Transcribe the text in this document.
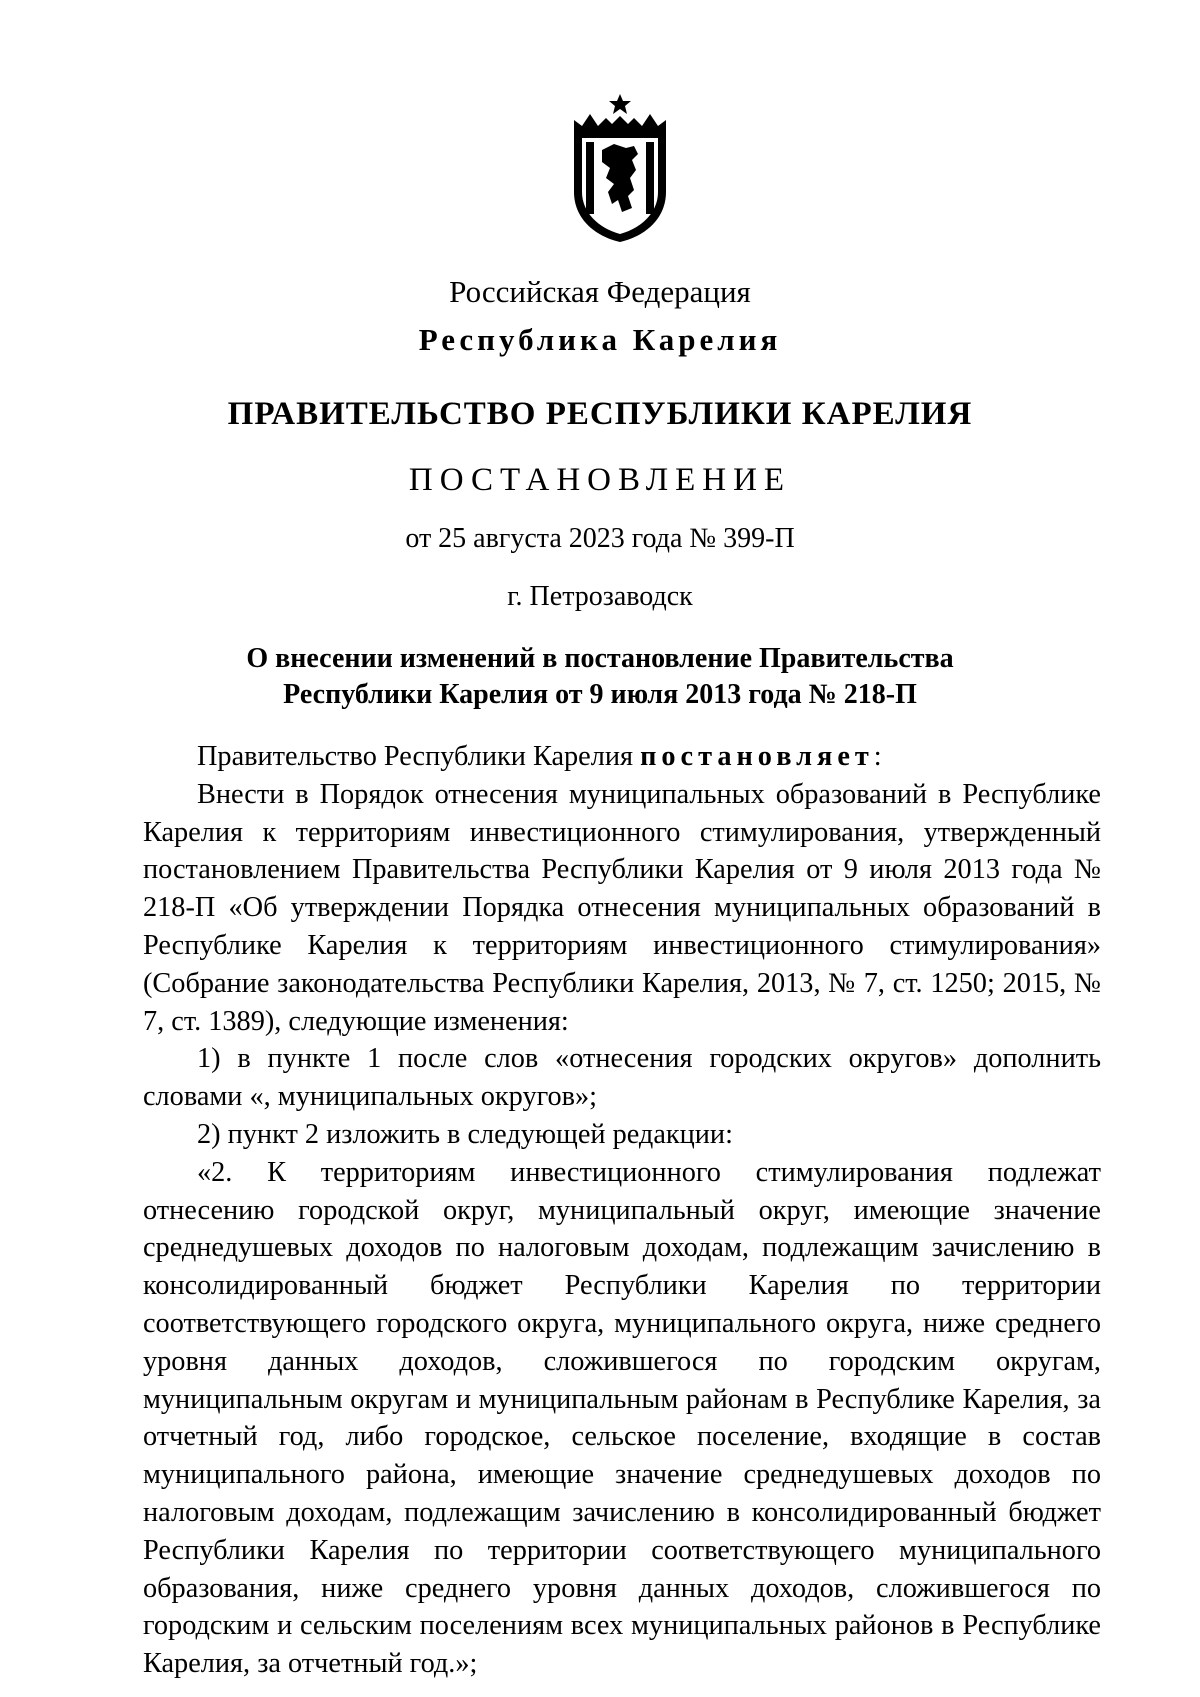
Российская Федерация

Республика Карелия

ПРАВИТЕЛЬСТВО РЕСПУБЛИКИ КАРЕЛИЯ

ПОСТАНОВЛЕНИЕ

от 25 августа 2023 года № 399-П

г. Петрозаводск

О внесении изменений в постановление Правительства

Республики Карелия от 9 июля 2013 года № 218-П

Правительство Республики Карелия постановляет:

Внести в Порядок отнесения муниципальных образований в Республике Карелия к территориям инвестиционного стимулирования, утвержденный постановлением Правительства Республики Карелия от 9 июля 2013 года № 218-П «Об утверждении Порядка отнесения муниципальных образований в Республике Карелия к территориям инвестиционного стимулирования» (Собрание законодательства Республики Карелия, 2013, № 7, ст. 1250; 2015, № 7, ст. 1389), следующие изменения:

1) в пункте 1 после слов «отнесения городских округов» дополнить словами «, муниципальных округов»;

2) пункт 2 изложить в следующей редакции:

«2. К территориям инвестиционного стимулирования подлежат отнесению городской округ, муниципальный округ, имеющие значение среднедушевых доходов по налоговым доходам, подлежащим зачислению в консолидированный бюджет Республики Карелия по территории соответствующего городского округа, муниципального округа, ниже среднего уровня данных доходов, сложившегося по городским округам, муниципальным округам и муниципальным районам в Республике Карелия, за отчетный год, либо городское, сельское поселение, входящие в состав муниципального района, имеющие значение среднедушевых доходов по налоговым доходам, подлежащим зачислению в консолидированный бюджет Республики Карелия по территории соответствующего муниципального образования, ниже среднего уровня данных доходов, сложившегося по городским и сельским поселениям всех муниципальных районов в Республике Карелия, за отчетный год.»;
